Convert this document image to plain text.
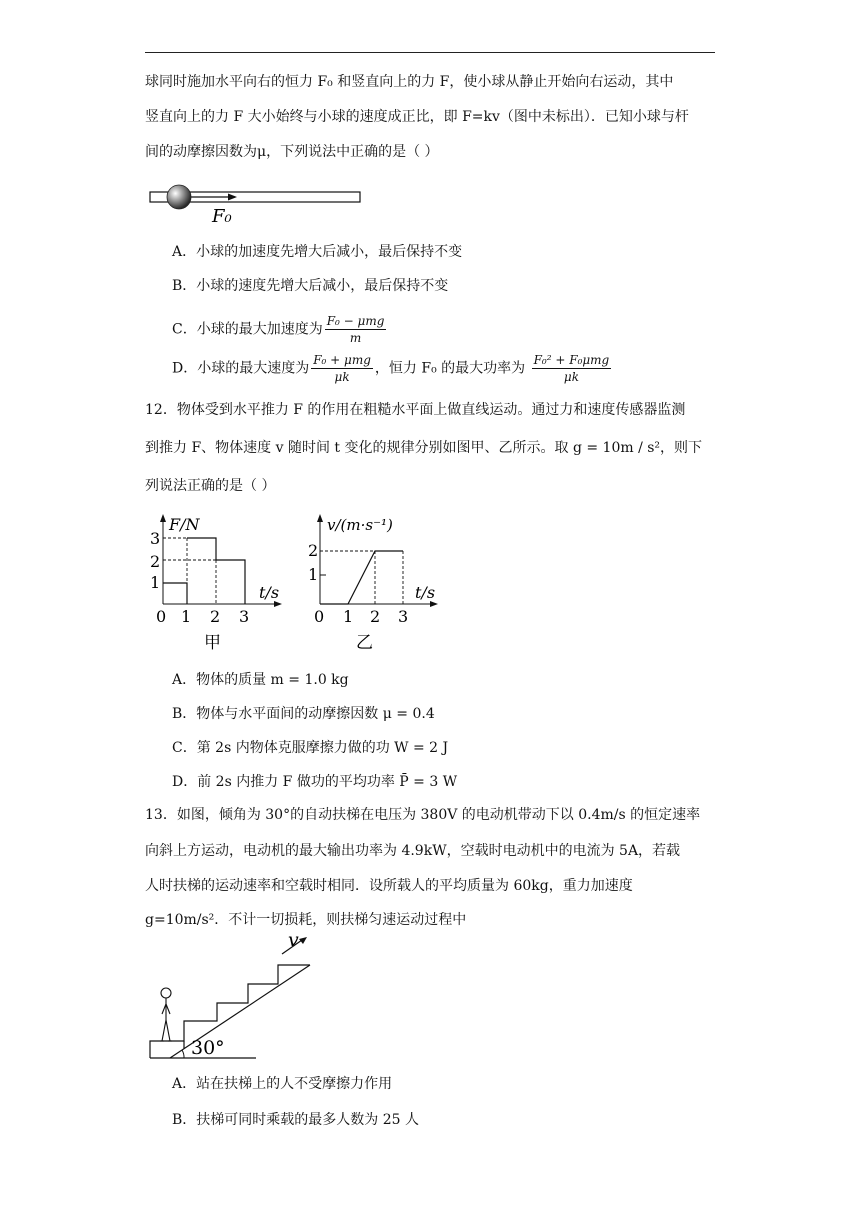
球同时施加水平向右的恒力 F₀ 和竖直向上的力 F，使小球从静止开始向右运动，其中
竖直向上的力 F 大小始终与小球的速度成正比，即 F=kv（图中未标出）．已知小球与杆
间的动摩擦因数为μ，下列说法中正确的是（ ）
F₀
A．小球的加速度先增大后减小，最后保持不变
B．小球的速度先增大后减小，最后保持不变
C．小球的最大加速度为 $\frac{\text{F₀ − μmg}}{m}$
D．小球的最大速度为 $\frac{\text{F₀ + μmg}}{\mu k}$ ，恒力 F₀ 的最大功率为 $\frac{\text{F₀² + F₀μmg}}{\mu k}$
12．物体受到水平推力 F 的作用在粗糙水平面上做直线运动。通过力和速度传感器监测
到推力 F、物体速度 v 随时间 t 变化的规律分别如图甲、乙所示。取 g = 10m / s²，则下
列说法正确的是（ ）
F/N
t/s
1
2
3
0 1 2 3
甲
v/(m·s⁻¹)
t/s
1
2
0 1 2 3
乙
A．物体的质量 m = 1.0 kg
B．物体与水平面间的动摩擦因数 μ = 0.4
C．第 2s 内物体克服摩擦力做的功 W = 2 J
D．前 2s 内推力 F 做功的平均功率 P̄ = 3 W
13．如图，倾角为 30°的自动扶梯在电压为 380V 的电动机带动下以 0.4m/s 的恒定速率
向斜上方运动，电动机的最大输出功率为 4.9kW，空载时电动机中的电流为 5A，若载
人时扶梯的运动速率和空载时相同．设所载人的平均质量为 60kg，重力加速度
g=10m/s²．不计一切损耗，则扶梯匀速运动过程中
30°
v
A．站在扶梯上的人不受摩擦力作用
B．扶梯可同时乘载的最多人数为 25 人
